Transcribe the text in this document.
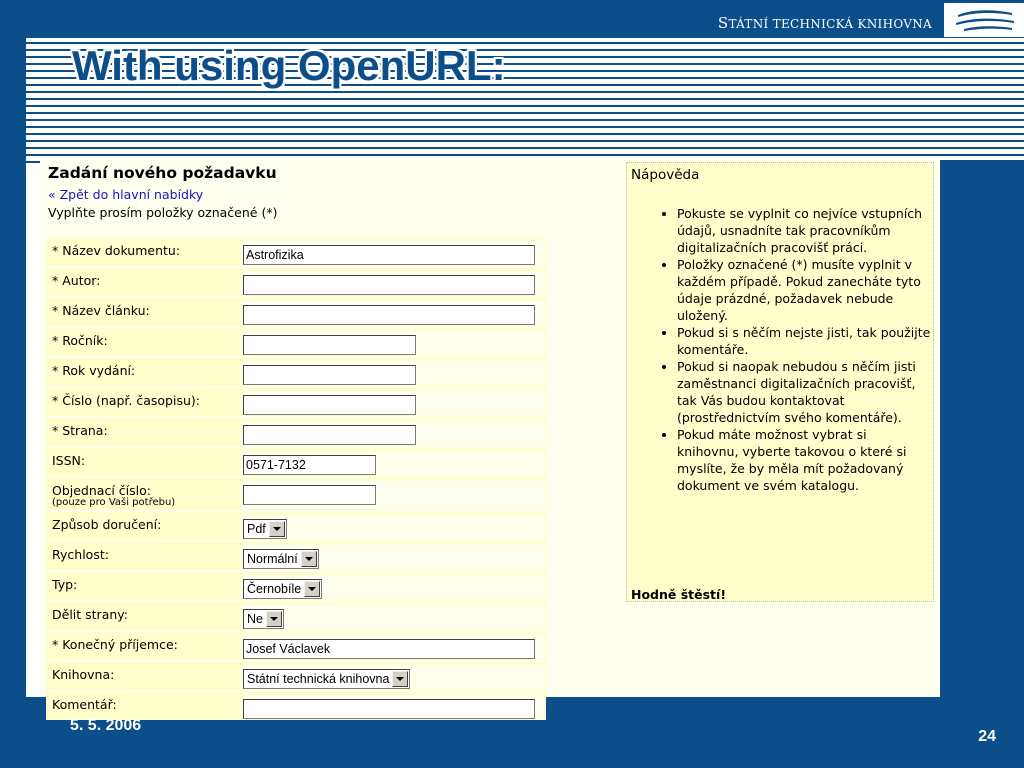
STÁTNÍ TECHNICKÁ KNIHOVNA
With using OpenURL:
Zadání nového požadavku
« Zpět do hlavní nabídky
Vyplňte prosím položky označené (*)
* Název dokumentu:	Astrofizika
* Autor:
* Název článku:
* Ročník:
* Rok vydání:
* Číslo (např. časopisu):
* Strana:
ISSN:	0571-7132
Objednací číslo:
(pouze pro Vaši potřebu)
Způsob doručení:	Pdf
Rychlost:	Normální
Typ:	Černobíle
Dělit strany:	Ne
* Konečný příjemce:	Josef Václavek
Knihovna:	Státní technická knihovna
Komentář:
Nápověda
• Pokuste se vyplnit co nejvíce vstupních údajů, usnadníte tak pracovníkům digitalizačních pracovišť práci.
• Položky označené (*) musíte vyplnit v každém případě. Pokud zanecháte tyto údaje prázdné, požadavek nebude uložený.
• Pokud si s něčím nejste jisti, tak použijte komentáře.
• Pokud si naopak nebudou s něčím jisti zaměstnanci digitalizačních pracovišť, tak Vás budou kontaktovat (prostřednictvím svého komentáře).
• Pokud máte možnost vybrat si knihovnu, vyberte takovou o které si myslíte, že by měla mít požadovaný dokument ve svém katalogu.
Hodně štěstí!
5. 5. 2006
24
